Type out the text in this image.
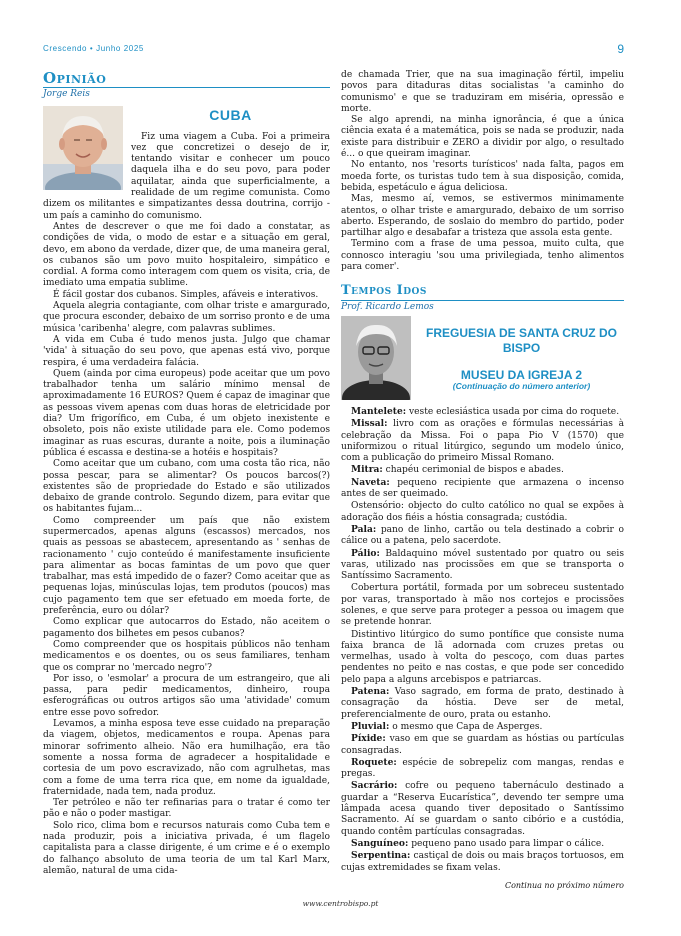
Crescendo • Junho 2025	9
Opinião
Jorge Reis
CUBA

Fiz uma viagem a Cuba. Foi a primeira vez que concretizei o desejo de ir, tentando visitar e conhecer um pouco daquela ilha e do seu povo, para poder aquilatar, ainda que superficialmente, a realidade de um regime comunista. Como dizem os militantes e simpatizantes dessa doutrina, corrijo - um país a caminho do comunismo.

Antes de descrever o que me foi dado a constatar, as condições de vida, o modo de estar e a situação em geral, devo, em abono da verdade, dizer que, de uma maneira geral, os cubanos são um povo muito hospitaleiro, simpático e cordial. A forma como interagem com quem os visita, cria, de imediato uma empatia sublime.

É fácil gostar dos cubanos. Simples, afáveis e interativos.

Aquela alegria contagiante, com olhar triste e amargurado, que procura esconder, debaixo de um sorriso pronto e de uma música 'caribenha' alegre, com palavras sublimes.

A vida em Cuba é tudo menos justa. Julgo que chamar 'vida' à situação do seu povo, que apenas está vivo, porque respira, é uma verdadeira falácia.

Quem (ainda por cima europeus) pode aceitar que um povo trabalhador tenha um salário mínimo mensal de aproximadamente 16 EUROS? Quem é capaz de imaginar que as pessoas vivem apenas com duas horas de eletricidade por dia? Um frigorífico, em Cuba, é um objeto inexistente e obsoleto, pois não existe utilidade para ele. Como podemos imaginar as ruas escuras, durante a noite, pois a iluminação pública é escassa e destina-se a hotéis e hospitais?

Como aceitar que um cubano, com uma costa tão rica, não possa pescar, para se alimentar? Os poucos barcos(?) existentes são de propriedade do Estado e são utilizados debaixo de grande controlo. Segundo dizem, para evitar que os habitantes fujam...

Como compreender um país que não existem supermercados, apenas alguns (escassos) mercados, nos quais as pessoas se abastecem, apresentando as ' senhas de racionamento ' cujo conteúdo é manifestamente insuficiente para alimentar as bocas famintas de um povo que quer trabalhar, mas está impedido de o fazer? Como aceitar que as pequenas lojas, minúsculas lojas, tem produtos (poucos) mas cujo pagamento tem que ser efetuado em moeda forte, de preferência, euro ou dólar?

Como explicar que autocarros do Estado, não aceitem o pagamento dos bilhetes em pesos cubanos?

Como compreender que os hospitais públicos não tenham medicamentos e os doentes, ou os seus familiares, tenham que os comprar no 'mercado negro'?

Por isso, o 'esmolar' a procura de um estrangeiro, que ali passa, para pedir medicamentos, dinheiro, roupa esferográficas ou outros artigos são uma 'atividade' comum entre esse povo sofredor.

Levamos, a minha esposa teve esse cuidado na preparação da viagem, objetos, medicamentos e roupa. Apenas para minorar sofrimento alheio. Não era humilhação, era tão somente a nossa forma de agradecer a hospitalidade e cortesia de um povo escravizado, não com agrulhetas, mas com a fome de uma terra rica que, em nome da igualdade, fraternidade, nada tem, nada produz.

Ter petróleo e não ter refinarias para o tratar é como ter pão e não o poder mastigar.

Solo rico, clima bom e recursos naturais como Cuba tem e nada produzir, pois a iniciativa privada, é um flagelo capitalista para a classe dirigente, é um crime e é o exemplo do falhanço absoluto de uma teoria de um tal Karl Marx, alemão, natural de uma cida-

de chamada Trier, que na sua imaginação fértil, impeliu povos para ditaduras ditas socialistas 'a caminho do comunismo' e que se traduziram em miséria, opressão e morte.

Se algo aprendi, na minha ignorância, é que a única ciência exata é a matemática, pois se nada se produzir, nada existe para distribuir e ZERO a dividir por algo, o resultado é... o que queiram imaginar.

No entanto, nos 'resorts turísticos' nada falta, pagos em moeda forte, os turistas tudo tem à sua disposição, comida, bebida, espetáculo e água deliciosa.

Mas, mesmo aí, vemos, se estivermos minimamente atentos, o olhar triste e amargurado, debaixo de um sorriso aberto. Esperando, de soslaio do membro do partido, poder partilhar algo e desabafar a tristeza que assola esta gente.

Termino com a frase de uma pessoa, muito culta, que connosco interagiu 'sou uma privilegiada, tenho alimentos para comer'.

Tempos Idos
Prof. Ricardo Lemos
FREGUESIA DE SANTA CRUZ DO BISPO
MUSEU DA IGREJA 2
(Continuação do número anterior)

Mantelete: veste eclesiástica usada por cima do roquete.

Missal: livro com as orações e fórmulas necessárias à celebração da Missa. Foi o papa Pio V (1570) que uniformizou o ritual litúrgico, segundo um modelo único, com a publicação do primeiro Missal Romano.

Mitra: chapéu cerimonial de bispos e abades.

Naveta: pequeno recipiente que armazena o incenso antes de ser queimado.

Ostensório: objecto do culto católico no qual se expões à adoração dos fiéis a hóstia consagrada; custódia.

Pala: pano de linho, cartão ou tela destinado a cobrir o cálice ou a patena, pelo sacerdote.

Pálio: Baldaquino móvel sustentado por quatro ou seis varas, utilizado nas procissões em que se transporta o Santíssimo Sacramento.

Cobertura portátil, formada por um sobreceu sustentado por varas, transportado à mão nos cortejos e procissões solenes, e que serve para proteger a pessoa ou imagem que se pretende honrar.

Distintivo litúrgico do sumo pontífice que consiste numa faixa branca de lã adornada com cruzes pretas ou vermelhas, usado à volta do pescoço, com duas partes pendentes no peito e nas costas, e que pode ser concedido pelo papa a alguns arcebispos e patriarcas.

Patena: Vaso sagrado, em forma de prato, destinado à consagração da hóstia. Deve ser de metal, preferencialmente de ouro, prata ou estanho.

Pluvial: o mesmo que Capa de Asperges.

Píxide: vaso em que se guardam as hóstias ou partículas consagradas.

Roquete: espécie de sobrepeliz com mangas, rendas e pregas.

Sacrário: cofre ou pequeno tabernáculo destinado a guardar a “Reserva Eucarística”, devendo ter sempre uma lâmpada acesa quando tiver depositado o Santíssimo Sacramento. Aí se guardam o santo cibório e a custódia, quando contêm partículas consagradas.

Sanguíneo: pequeno pano usado para limpar o cálice.

Serpentina: castiçal de dois ou mais braços tortuosos, em cujas extremidades se fixam velas.

Continua no próximo número
www.centrobispo.pt
